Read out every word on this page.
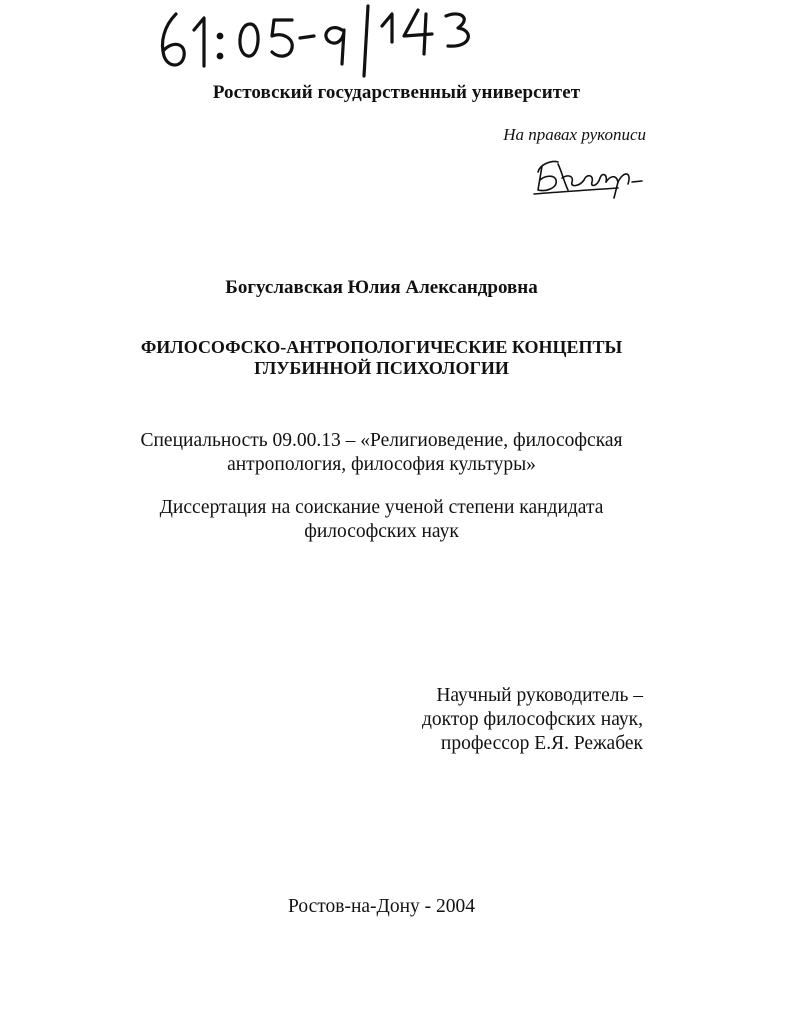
Ростовский государственный университет
На правах рукописи
Богуславская Юлия Александровна
ФИЛОСОФСКО-АНТРОПОЛОГИЧЕСКИЕ КОНЦЕПТЫ
ГЛУБИННОЙ ПСИХОЛОГИИ
Специальность 09.00.13 – «Религиоведение, философская
антропология, философия культуры»
Диссертация на соискание ученой степени кандидата
философских наук
Научный руководитель –
доктор философских наук,
профессор Е.Я. Режабек
Ростов-на-Дону - 2004
